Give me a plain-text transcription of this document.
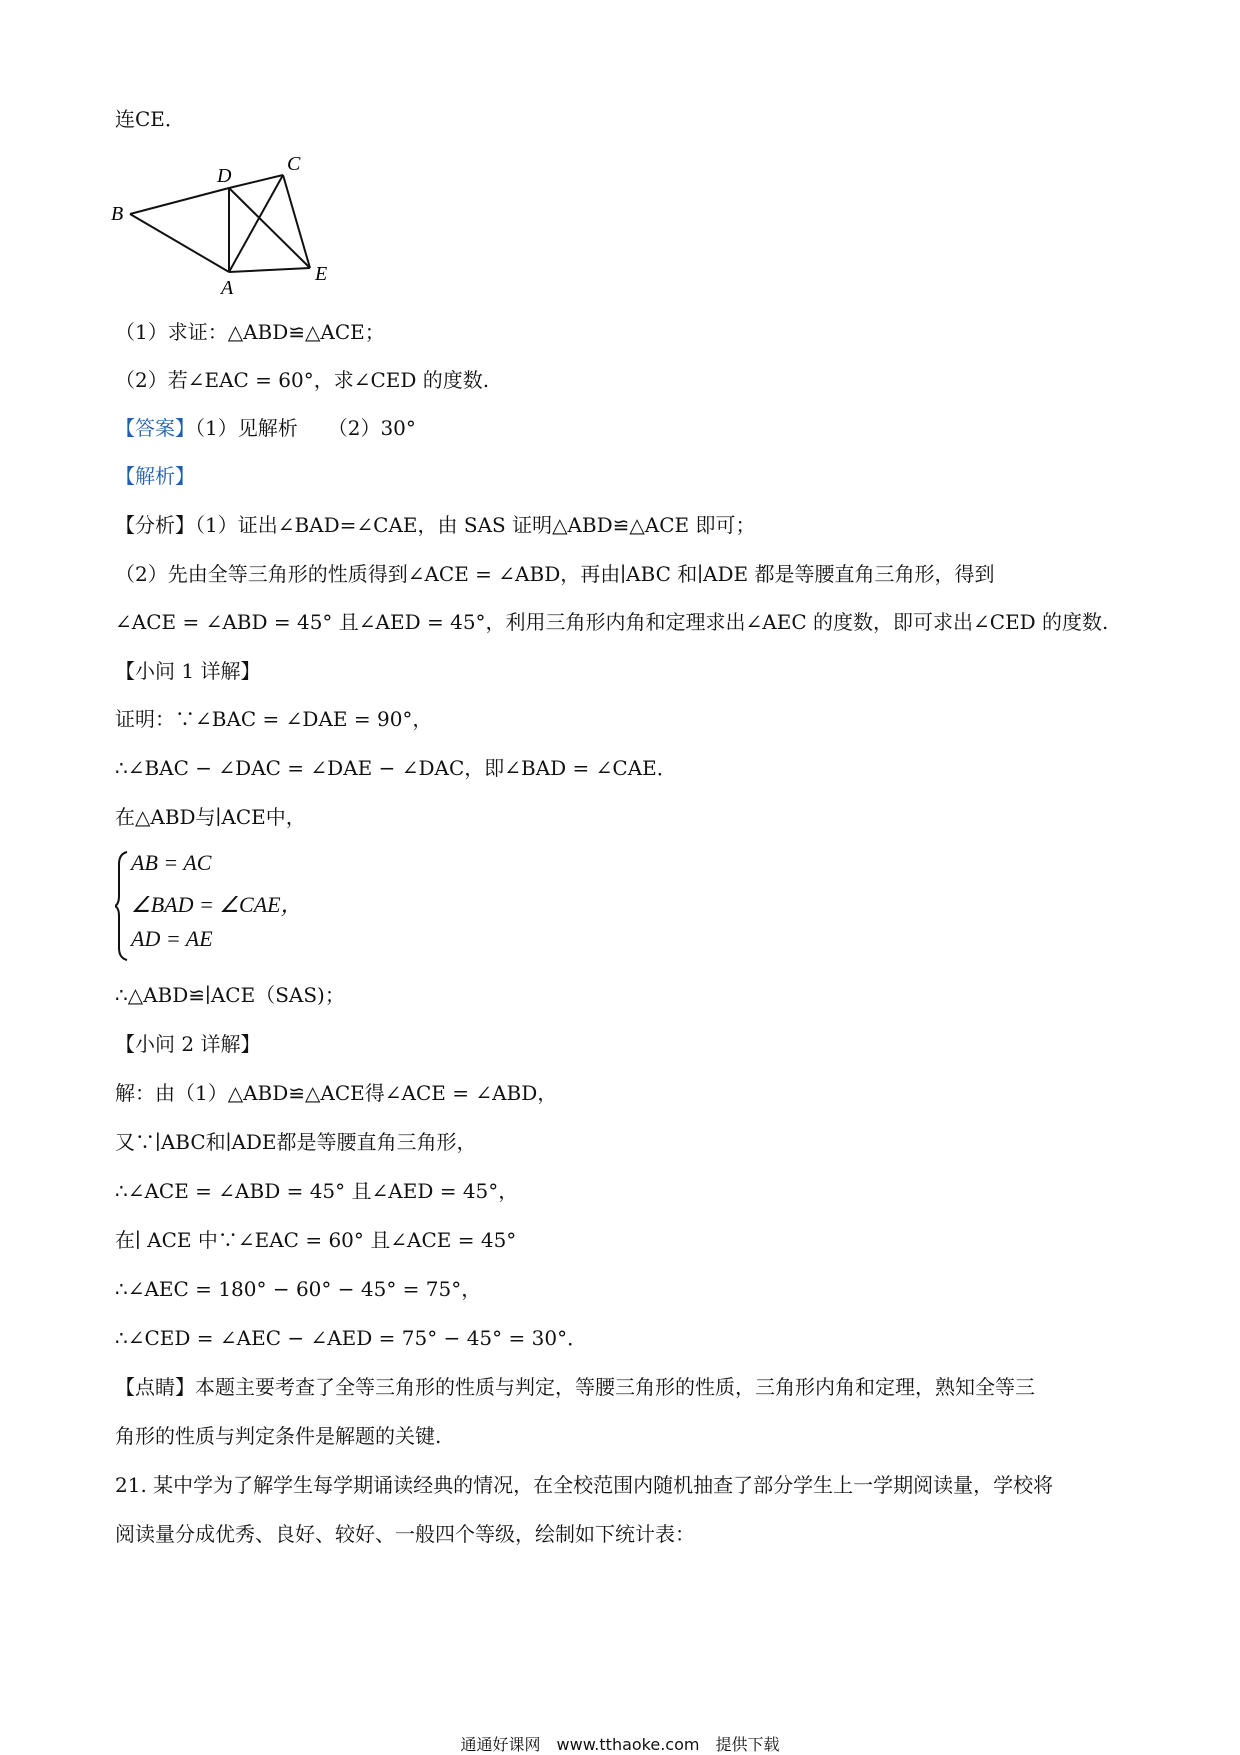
连CE．
B
D
C
A
E
（1）求证：△ABD≌△ACE；
（2）若∠EAC = 60°，求∠CED 的度数.
【答案】（1）见解析　　（2）30°
【解析】
【分析】（1）证出∠BAD=∠CAE，由 SAS 证明△ABD≌△ACE 即可；
（2）先由全等三角形的性质得到∠ACE = ∠ABD，再由∣ABC 和∣ADE 都是等腰直角三角形，得到
∠ACE = ∠ABD = 45° 且∠AED = 45°，利用三角形内角和定理求出∠AEC 的度数，即可求出∠CED 的度数.
【小问 1 详解】
证明：∵∠BAC = ∠DAE = 90°，
∴∠BAC − ∠DAC = ∠DAE − ∠DAC，即∠BAD = ∠CAE．
在△ABD与∣ACE中，
AB = AC
∠BAD = ∠CAE，
AD = AE
∴△ABD≌∣ACE（SAS)；
【小问 2 详解】
解：由（1）△ABD≌△ACE得∠ACE = ∠ABD，
又∵∣ABC和∣ADE都是等腰直角三角形，
∴∠ACE = ∠ABD = 45° 且∠AED = 45°，
在∣ ACE 中∵∠EAC = 60° 且∠ACE = 45°
∴∠AEC = 180° − 60° − 45° = 75°，
∴∠CED = ∠AEC − ∠AED = 75° − 45° = 30°．
【点睛】本题主要考查了全等三角形的性质与判定，等腰三角形的性质，三角形内角和定理，熟知全等三
角形的性质与判定条件是解题的关键.
21. 某中学为了解学生每学期诵读经典的情况，在全校范围内随机抽查了部分学生上一学期阅读量，学校将
阅读量分成优秀、良好、较好、一般四个等级，绘制如下统计表：
通通好课网　www.tthaoke.com　提供下载
